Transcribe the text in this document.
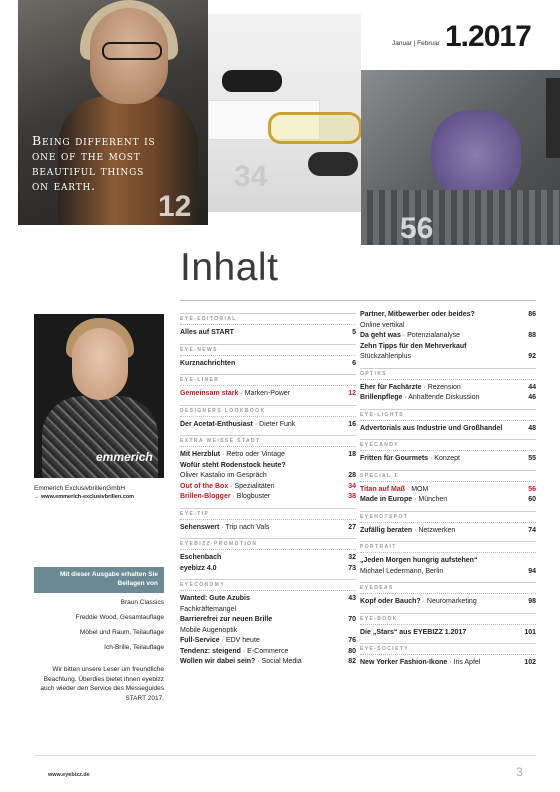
Being different is one of the most beautiful things on earth.
12
34
56
Januar | Februar 1.2017
Inhalt
emmerich
Emmerich ExclusivbrillenGmbH
→ www.emmerich-exclusivbrillen.com
Mit dieser Ausgabe erhalten Sie Beilagen von
Braun Classics
Freddie Wood, Gesamtauflage
Möbel und Raum, Teilauflage
Ich-Brille, Teilauflage
Wir bitten unsere Leser um freundliche Beachtung. Überdies bietet Ihnen eyebizz auch wieder den Service des Messeguides START 2017.
EYE-EDITORIAL
Alles auf START	5
EYE-NEWS
Kurznachrichten	6
EYE-LINER
Gemeinsam stark · Marken-Power	12
DESIGNERS LOOKBOOK
Der Acetat-Enthusiast · Dieter Funk	16
EXTRA WEISSE STADT
Mit Herzblut · Retro oder Vintage	18
Wofür steht Rodenstock heute?
Oliver Kastalio im Gespräch	28
Out of the Box · Spezialitäten	34
Brillen-Blogger · Blogbuster	38
EYE-TIP
Sehenswert · Trip nach Vals	27
EYEBIZZ-PROMOTION
Eschenbach	32
eyebizz 4.0	73
EYECONOMY
Wanted: Gute Azubis	43
Fachkräftemangel
Barrierefrei zur neuen Brille	70
Mobile Augenoptik
Full-Service · EDV heute	76
Tendenz: steigend · E-Commerce	80
Wollen wir dabei sein? · Social Media	82
Partner, Mitbewerber oder beides?	86
Online vertikal
Da geht was · Potenzialanalyse	88
Zehn Tipps für den Mehrverkauf
Stückzahlenplus	92
OPTIKS
Eher für Fachärzte · Rezension	44
Brillenpflege · Anhaltende Diskussion	46
EYE-LIGHTS
Advertorials aus Industrie und Großhandel	48
EYECANDY
Fritten für Gourmets · Konzept	55
SPECIAL 1
Titan auf Maß · MOM	56
Made in Europe · München	60
EYEHOTSPOT
Zufällig beraten · Netzwerken	74
PORTRAIT
„Jeden Morgen hungrig aufstehen“
Michael Ledermann, Berlin	94
EYEDEAS
Kopf oder Bauch? · Neuromarketing	98
EYE-BOOK
Die „Stars“ aus EYEBIZZ 1.2017	101
EYE-SOCIETY
New Yorker Fashion-Ikone · Iris Apfel	102
www.eyebizz.de	3
